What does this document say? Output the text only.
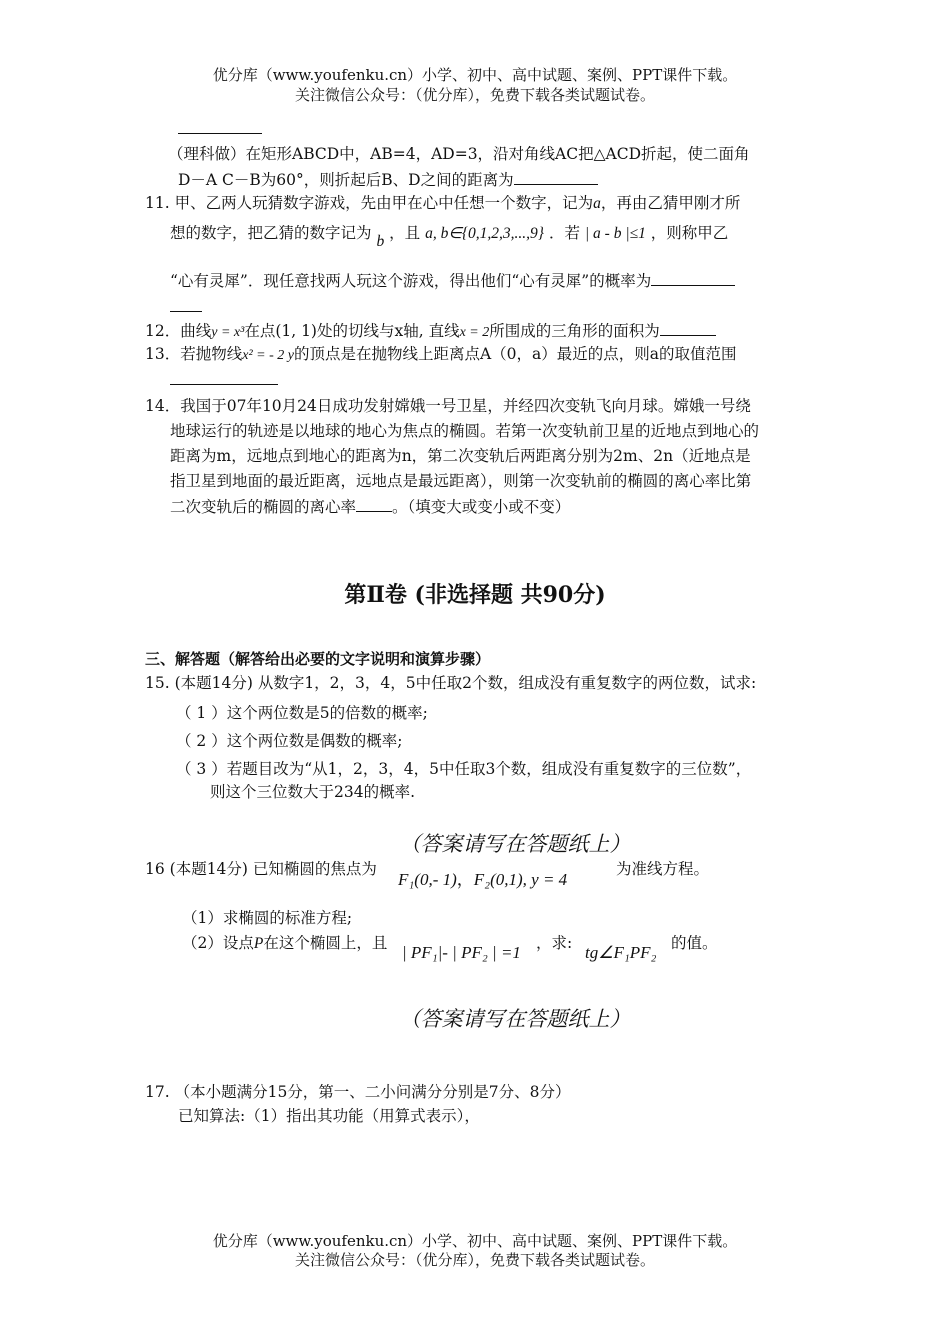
优分库（www.youfenku.cn）小学、初中、高中试题、案例、PPT课件下载。
关注微信公众号：（优分库），免费下载各类试题试卷。
（理科做）在矩形ABCD中，AB=4，AD=3，沿对角线AC把△ACD折起，使二面角
D－A C－B为60°，则折起后B、D之间的距离为
11. 甲、乙两人玩猜数字游戏，先由甲在心中任想一个数字，记为a，再由乙猜甲刚才所
想的数字，把乙猜的数字记为 b ，且 a, b∈{0,1,2,3,...,9} ．若 | a - b |≤1 ，则称甲乙
“心有灵犀”．现任意找两人玩这个游戏，得出他们“心有灵犀”的概率为
12．曲线y = x³在点(1, 1)处的切线与x轴, 直线x = 2所围成的三角形的面积为
13．若抛物线x² = - 2 y的顶点是在抛物线上距离点A（0，a）最近的点，则a的取值范围
14．我国于07年10月24日成功发射嫦娥一号卫星，并经四次变轨飞向月球。嫦娥一号绕
地球运行的轨迹是以地球的地心为焦点的椭圆。若第一次变轨前卫星的近地点到地心的
距离为m，远地点到地心的距离为n，第二次变轨后两距离分别为2m、2n（近地点是
指卫星到地面的最近距离，远地点是最远距离），则第一次变轨前的椭圆的离心率比第
二次变轨后的椭圆的离心率 。（填变大或变小或不变）
第Ⅱ卷 (非选择题 共90分)
三、解答题（解答给出必要的文字说明和演算步骤）
15. (本题14分) 从数字1，2，3，4，5中任取2个数，组成没有重复数字的两位数，试求:
（ 1 ）这个两位数是5的倍数的概率;
（ 2 ）这个两位数是偶数的概率;
（ 3 ）若题目改为“从1，2，3，4，5中任取3个数，组成没有重复数字的三位数”，
则这个三位数大于234的概率.
（答案请写在答题纸上）
16 (本题14分) 已知椭圆的焦点为
F₁(0,- 1)，F₂(0,1), y = 4
为准线方程。
（1）求椭圆的标准方程;
（2）设点P在这个椭圆上，且 | PF₁|- | PF₂ | =1 ，求: tg∠F₁PF₂ 的值。
（答案请写在答题纸上）
17. （本小题满分15分，第一、二小问满分分别是7分、8分）
已知算法:（1）指出其功能（用算式表示），
优分库（www.youfenku.cn）小学、初中、高中试题、案例、PPT课件下载。
关注微信公众号：（优分库），免费下载各类试题试卷。
